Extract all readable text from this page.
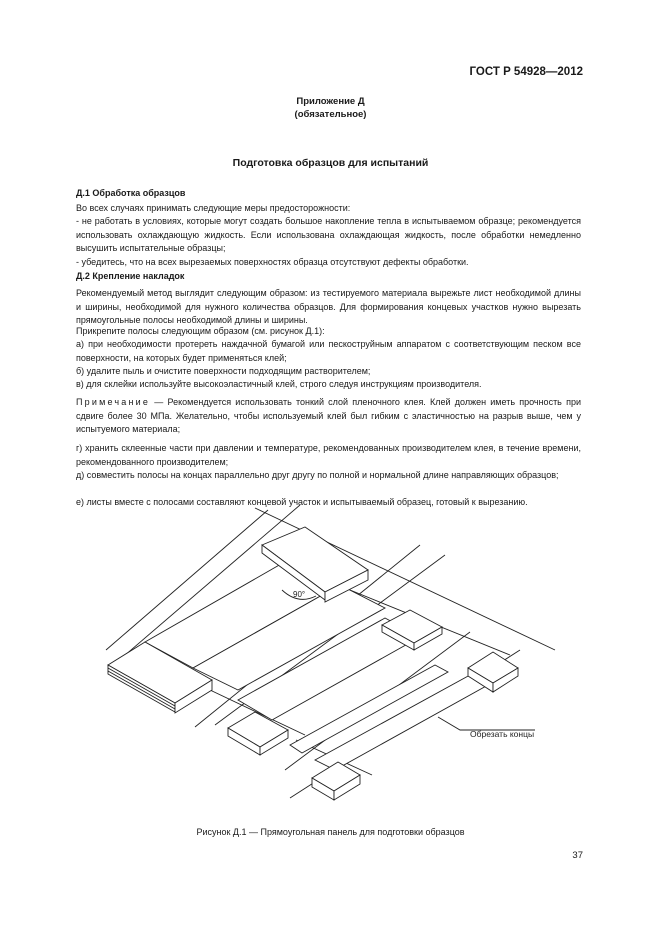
ГОСТ Р 54928—2012
Приложение Д
(обязательное)
Подготовка образцов для испытаний
Д.1 Обработка образцов
Во всех случаях принимать следующие меры предосторожности:
- не работать в условиях, которые могут создать большое накопление тепла в испытываемом образце; рекомендуется использовать охлаждающую жидкость. Если использована охлаждающая жидкость, после обработки немедленно высушить испытательные образцы;
- убедитесь, что на всех вырезаемых поверхностях образца отсутствуют дефекты обработки.
Д.2 Крепление накладок
Рекомендуемый метод выглядит следующим образом: из тестируемого материала вырежьте лист необходимой длины и ширины, необходимой для нужного количества образцов. Для формирования концевых участков нужно вырезать прямоугольные полосы необходимой длины и ширины.
Прикрепите полосы следующим образом (см. рисунок Д.1):
а) при необходимости протереть наждачной бумагой или пескоструйным аппаратом с соответствующим песком все поверхности, на которых будет применяться клей;
б) удалите пыль и очистите поверхности подходящим растворителем;
в) для склейки используйте высокоэластичный клей, строго следуя инструкциям производителя.
Примечание — Рекомендуется использовать тонкий слой пленочного клея. Клей должен иметь прочность при сдвиге более 30 МПа. Желательно, чтобы используемый клей был гибким с эластичностью на разрыв выше, чем у испытуемого материала;
г) хранить склеенные части при давлении и температуре, рекомендованных производителем клея, в течение времени, рекомендованного производителем;
д) совместить полосы на концах параллельно друг другу по полной и нормальной длине направляющих образцов;
е) листы вместе с полосами составляют концевой участок и испытываемый образец, готовый к вырезанию.
90°
Обрезать концы
Рисунок Д.1 — Прямоугольная панель для подготовки образцов
37
